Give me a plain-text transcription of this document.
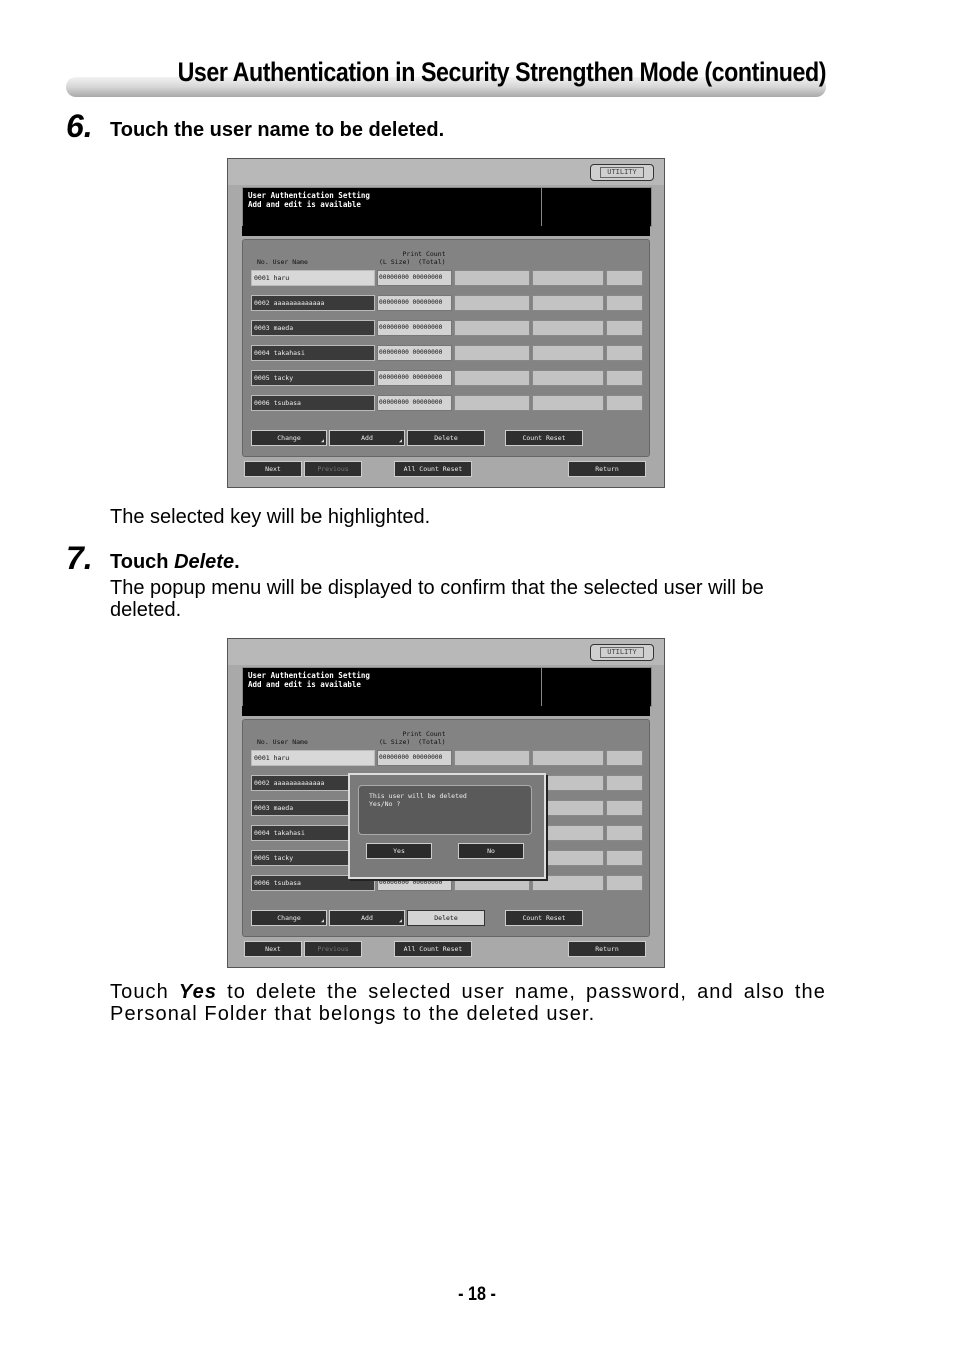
User Authentication in Security Strengthen Mode (continued)
6. Touch the user name to be deleted.
UTILITY
User Authentication Setting
Add and edit is available
No. User Name
Print Count
(L Size)  (Total)
0001 haru	00000000 00000000
0002 aaaaaaaaaaaaa	00000000 00000000
0003 maeda	00000000 00000000
0004 takahasi	00000000 00000000
0005 tacky	00000000 00000000
0006 tsubasa	00000000 00000000
Change	◢	Add	◢	Delete	Count Reset
Next	Previous	All Count Reset	Return
The selected key will be highlighted.
7. Touch Delete.
The popup menu will be displayed to confirm that the selected user will be deleted.
UTILITY
User Authentication Setting
Add and edit is available
No. User Name
Print Count
(L Size)  (Total)
0001 haru	00000000 00000000
0002 aaaaaaaaaaaaa
0003 maeda
0004 takahasi
0005 tacky
0006 tsubasa	00000000 00000000
Change	◢	Add	◢	Delete	Count Reset
Next	Previous	All Count Reset	Return
This user will be deleted
Yes/No ?
Yes	No
Touch Yes to delete the selected user name, password, and also the Personal Folder that belongs to the deleted user.
- 18 -
